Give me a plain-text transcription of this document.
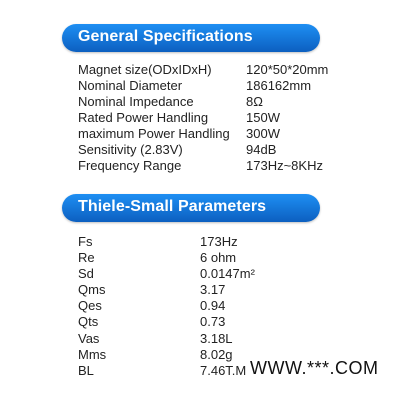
General Specifications
Magnet size(ODxIDxH)	120*50*20mm
Nominal Diameter	186162mm
Nominal Impedance	8Ω
Rated Power Handling	150W
maximum Power Handling 300W
Sensitivity (2.83V)	94dB
Frequency Range	173Hz~8KHz
Thiele-Small Parameters
Fs	173Hz
Re	6 ohm
Sd	0.0147m²
Qms	3.17
Qes	0.94
Qts	0.73
Vas	3.18L
Mms	8.02g
BL	7.46T.M WWW.***.COM
